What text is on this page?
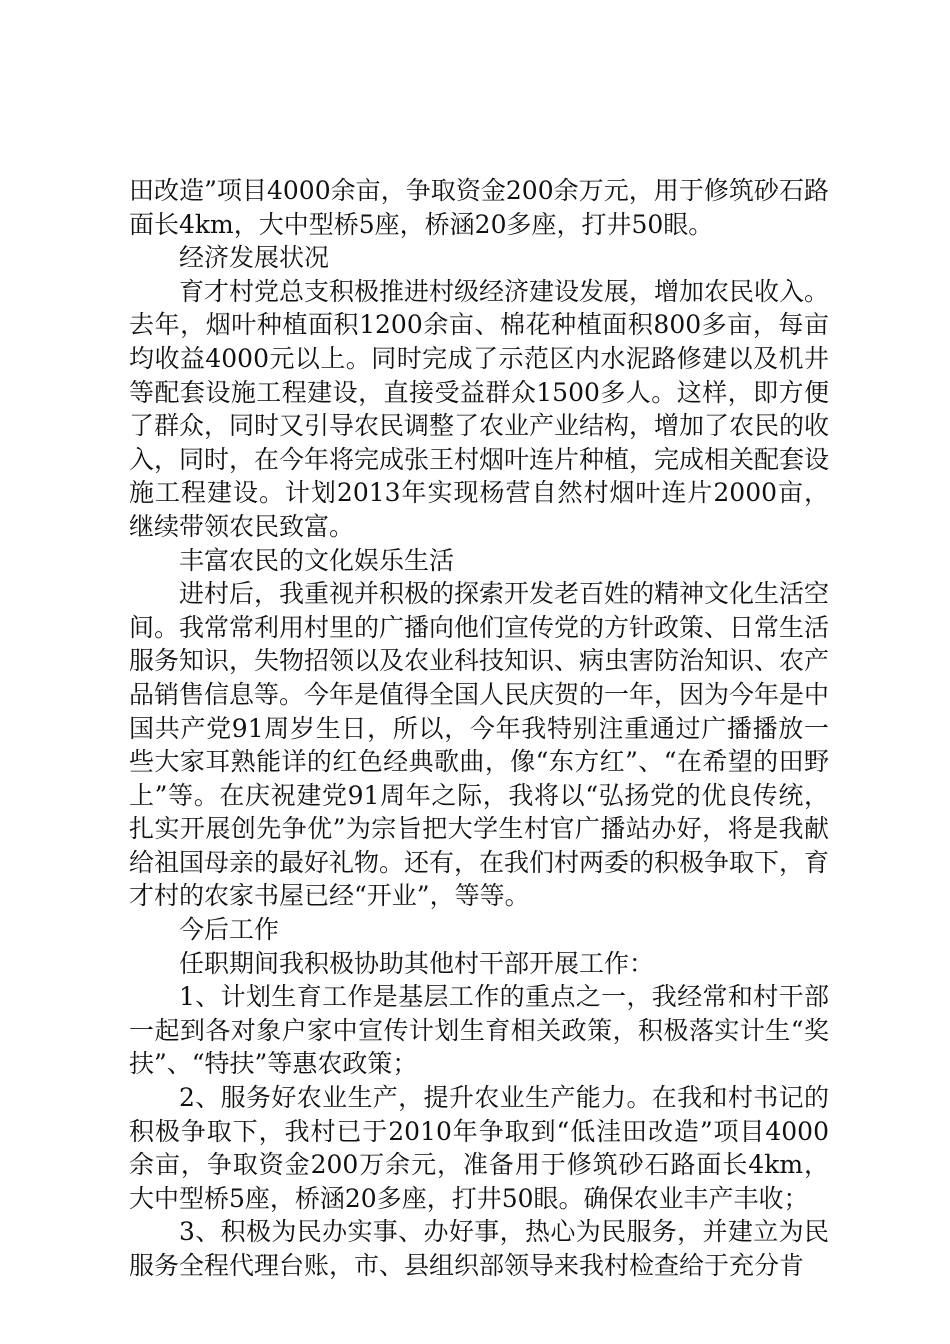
田改造”项目4000余亩，争取资金200余万元，用于修筑砂石路面长4km，大中型桥5座，桥涵20多座，打井50眼。

经济发展状况

育才村党总支积极推进村级经济建设发展，增加农民收入。去年，烟叶种植面积1200余亩、棉花种植面积800多亩，每亩均收益4000元以上。同时完成了示范区内水泥路修建以及机井等配套设施工程建设，直接受益群众1500多人。这样，即方便了群众，同时又引导农民调整了农业产业结构，增加了农民的收入，同时，在今年将完成张王村烟叶连片种植，完成相关配套设施工程建设。计划2013年实现杨营自然村烟叶连片2000亩，继续带领农民致富。

丰富农民的文化娱乐生活

进村后，我重视并积极的探索开发老百姓的精神文化生活空间。我常常利用村里的广播向他们宣传党的方针政策、日常生活服务知识，失物招领以及农业科技知识、病虫害防治知识、农产品销售信息等。今年是值得全国人民庆贺的一年，因为今年是中国共产党91周岁生日，所以，今年我特别注重通过广播播放一些大家耳熟能详的红色经典歌曲，像“东方红”、“在希望的田野上”等。在庆祝建党91周年之际，我将以“弘扬党的优良传统，扎实开展创先争优”为宗旨把大学生村官广播站办好，将是我献给祖国母亲的最好礼物。还有，在我们村两委的积极争取下，育才村的农家书屋已经“开业”，等等。

今后工作

任职期间我积极协助其他村干部开展工作：

1、计划生育工作是基层工作的重点之一，我经常和村干部一起到各对象户家中宣传计划生育相关政策，积极落实计生“奖扶”、“特扶”等惠农政策；

2、服务好农业生产，提升农业生产能力。在我和村书记的积极争取下，我村已于2010年争取到“低洼田改造”项目4000余亩，争取资金200万余元，准备用于修筑砂石路面长4km，大中型桥5座，桥涵20多座，打井50眼。确保农业丰产丰收；

3、积极为民办实事、办好事，热心为民服务，并建立为民服务全程代理台账，市、县组织部领导来我村检查给于充分肯
